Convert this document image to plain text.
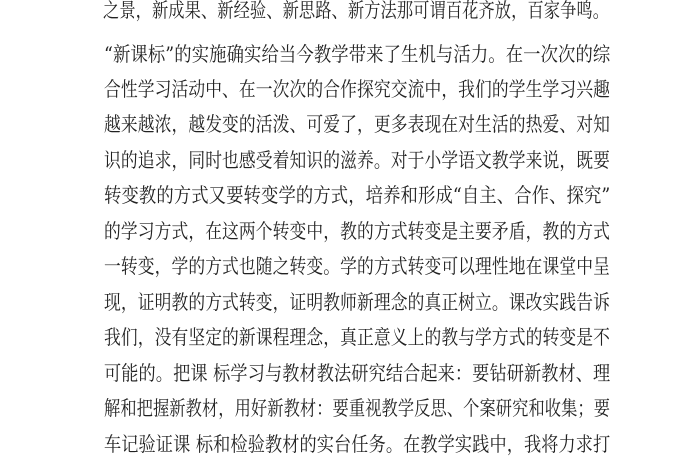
之景，新成果、新经验、新思路、新方法那可谓百花齐放，百家争鸣。
“新课标”的实施确实给当今教学带来了生机与活力。在一次次的综
合性学习活动中、在一次次的合作探究交流中，我们的学生学习兴趣
越来越浓，越发变的活泼、可爱了，更多表现在对生活的热爱、对知
识的追求，同时也感受着知识的滋养。对于小学语文教学来说，既要
转变教的方式又要转变学的方式，培养和形成“自主、合作、探究”
的学习方式，在这两个转变中，教的方式转变是主要矛盾，教的方式
一转变，学的方式也随之转变。学的方式转变可以理性地在课堂中呈
现，证明教的方式转变，证明教师新理念的真正树立。课改实践告诉
我们，没有坚定的新课程理念，真正意义上的教与学方式的转变是不
可能的。把课 标学习与教材教法研究结合起来：要钻研新教材、理
解和把握新教材，用好新教材：要重视教学反思、个案研究和收集；要
车记验证课 标和检验教材的实台任务。在教学实践中，我将力求打
